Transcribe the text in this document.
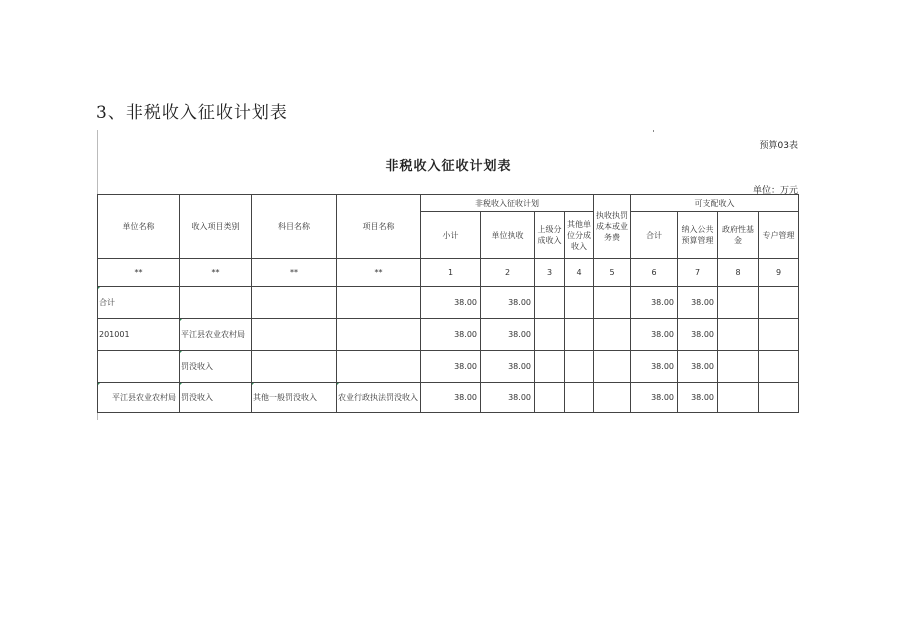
3、非税收入征收计划表
预算03表
非税收入征收计划表
单位：万元
单位名称	收入项目类别	科目名称	项目名称	非税收入征收计划				执收执罚成本或业务费	可支配收入			
				小计	单位执收	上级分成收入	其他单位分成收入		合计	纳入公共预算管理	政府性基金	专户管理
**	**	**	**	1	2	3	4	5	6	7	8	9
合计				38.00	38.00				38.00	38.00		
201001	平江县农业农村局			38.00	38.00				38.00	38.00		
	罚没收入			38.00	38.00				38.00	38.00		
平江县农业农村局	罚没收入	其他一般罚没收入	农业行政执法罚没收入	38.00	38.00				38.00	38.00		
